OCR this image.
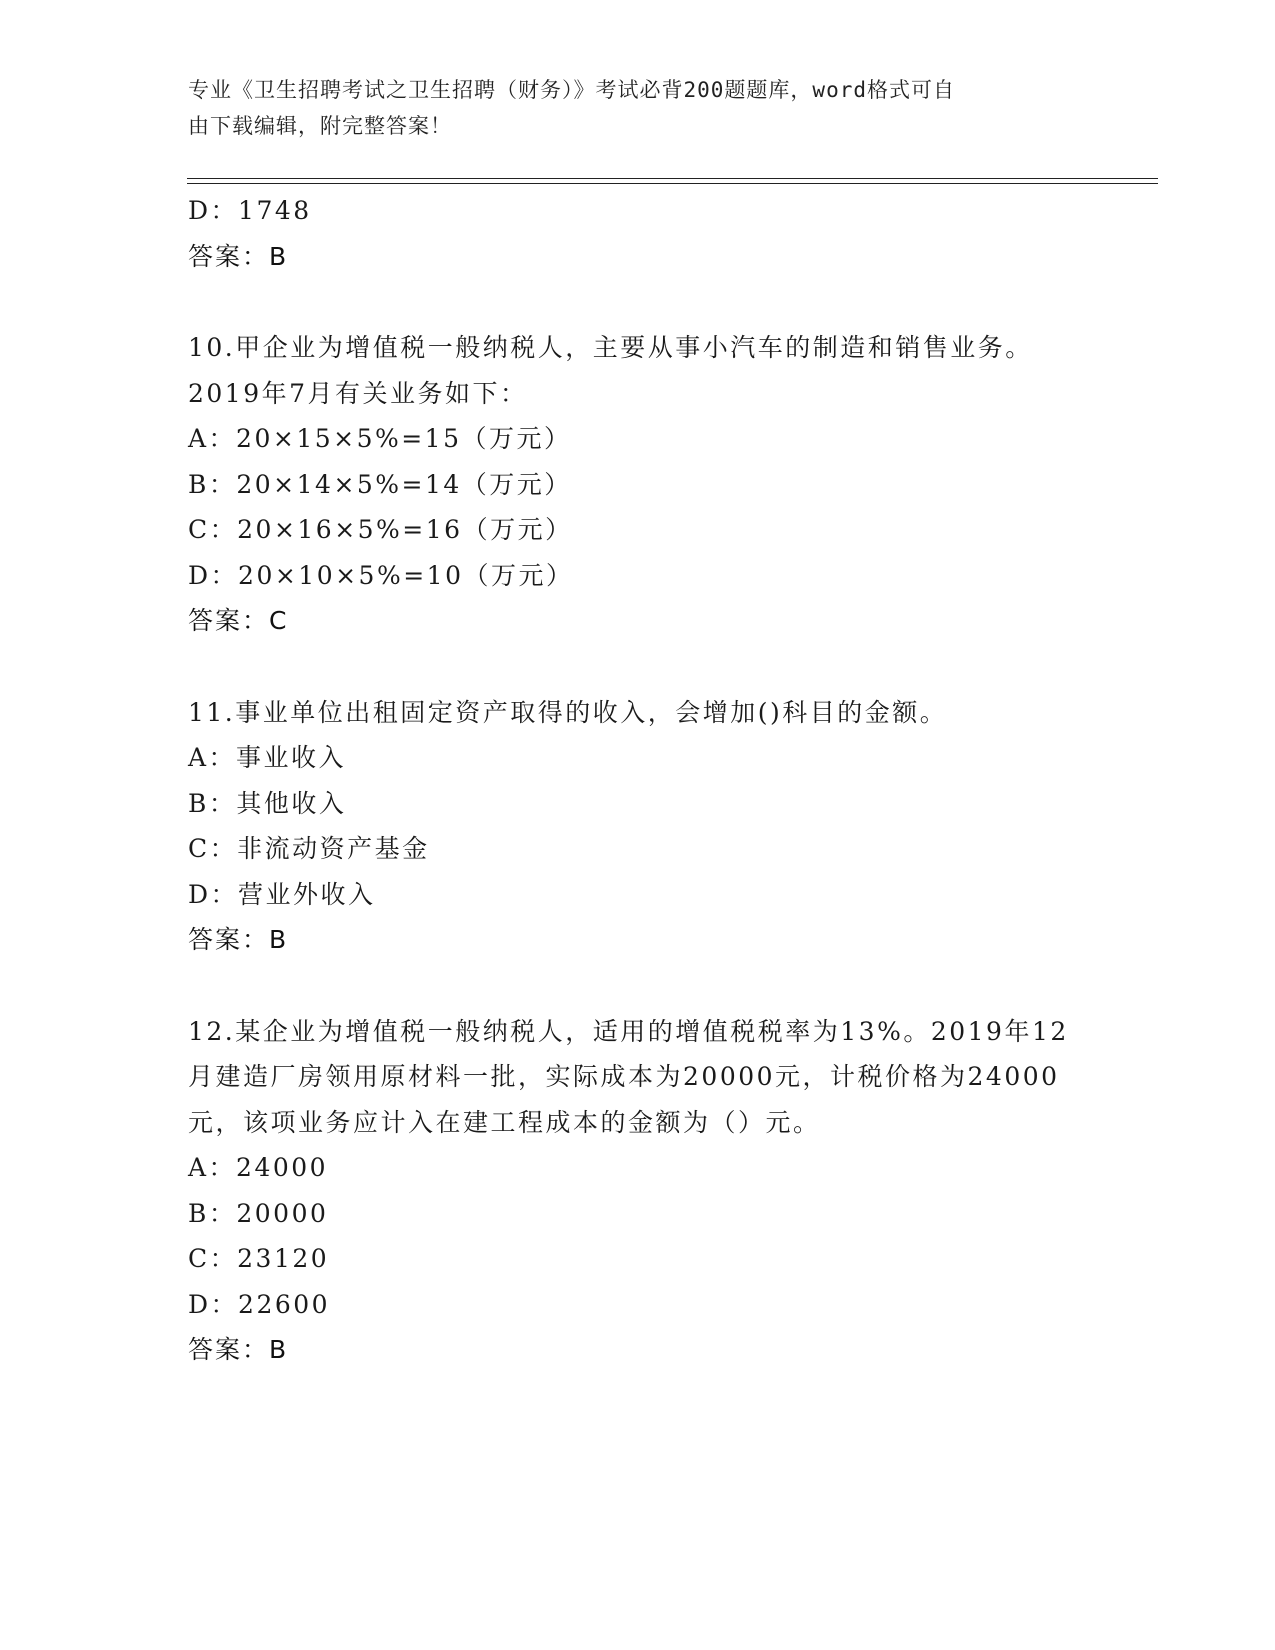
专业《卫生招聘考试之卫生招聘（财务）》考试必背200题题库，word格式可自
由下载编辑，附完整答案！
D：1748
答案：B
10.甲企业为增值税一般纳税人，主要从事小汽车的制造和销售业务。
2019年7月有关业务如下：
A：20×15×5%=15（万元）
B：20×14×5%=14（万元）
C：20×16×5%=16（万元）
D：20×10×5%=10（万元）
答案：C
11.事业单位出租固定资产取得的收入，会增加()科目的金额。
A：事业收入
B：其他收入
C：非流动资产基金
D：营业外收入
答案：B
12.某企业为增值税一般纳税人，适用的增值税税率为13%。2019年12
月建造厂房领用原材料一批，实际成本为20000元，计税价格为24000
元，该项业务应计入在建工程成本的金额为（）元。
A：24000
B：20000
C：23120
D：22600
答案：B
